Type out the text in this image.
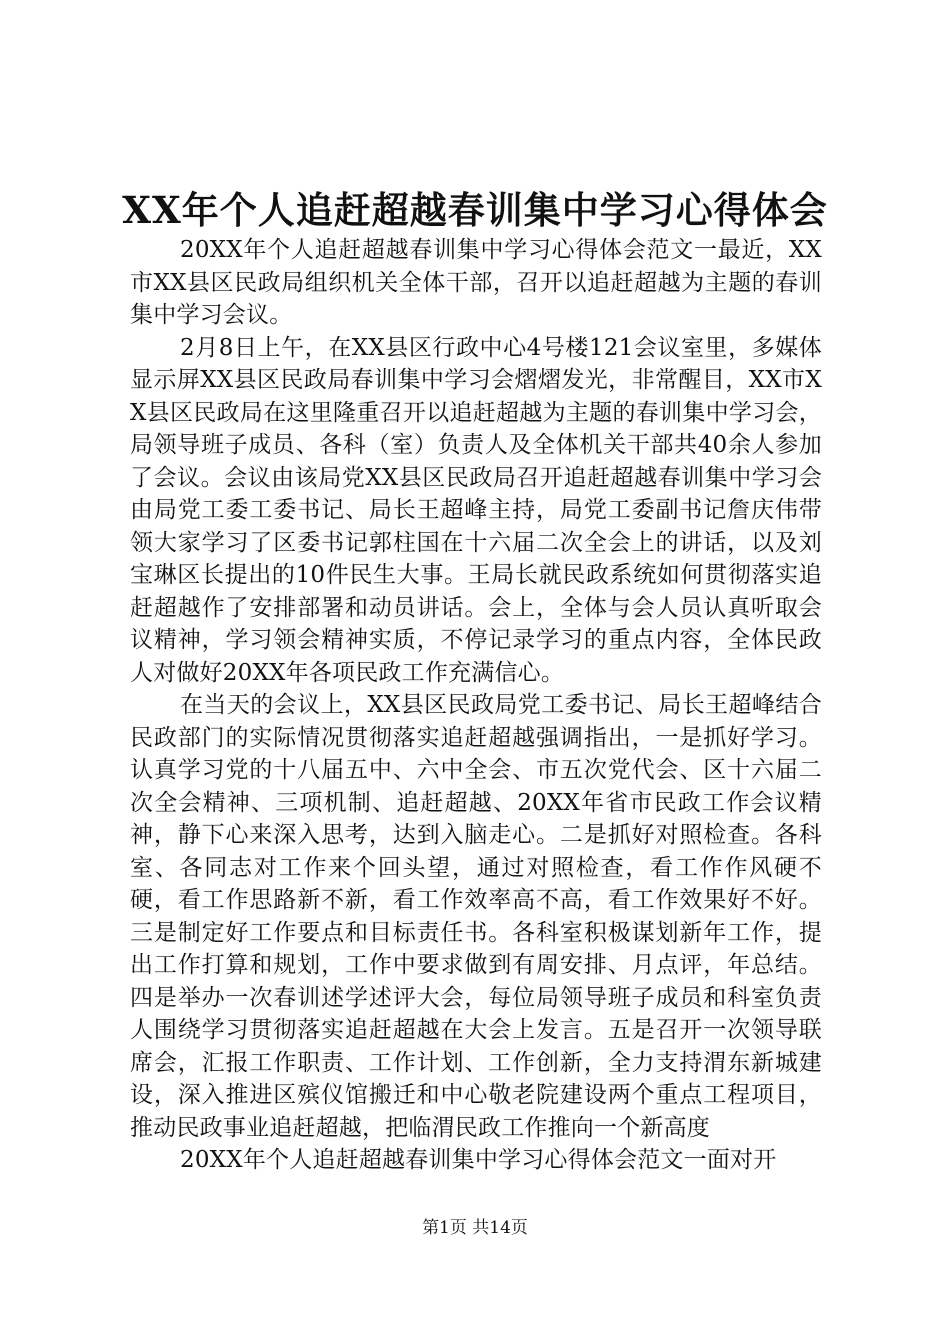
XX年个人追赶超越春训集中学习心得体会

20XX年个人追赶超越春训集中学习心得体会范文一最近，XX市XX县区民政局组织机关全体干部，召开以追赶超越为主题的春训集中学习会议。

2月8日上午，在XX县区行政中心4号楼121会议室里，多媒体显示屏XX县区民政局春训集中学习会熠熠发光，非常醒目，XX市XX县区民政局在这里隆重召开以追赶超越为主题的春训集中学习会，局领导班子成员、各科（室）负责人及全体机关干部共40余人参加了会议。会议由该局党XX县区民政局召开追赶超越春训集中学习会由局党工委工委书记、局长王超峰主持，局党工委副书记詹庆伟带领大家学习了区委书记郭柱国在十六届二次全会上的讲话，以及刘宝琳区长提出的10件民生大事。王局长就民政系统如何贯彻落实追赶超越作了安排部署和动员讲话。会上，全体与会人员认真听取会议精神，学习领会精神实质，不停记录学习的重点内容，全体民政人对做好20XX年各项民政工作充满信心。

在当天的会议上，XX县区民政局党工委书记、局长王超峰结合民政部门的实际情况贯彻落实追赶超越强调指出，一是抓好学习。认真学习党的十八届五中、六中全会、市五次党代会、区十六届二次全会精神、三项机制、追赶超越、20XX年省市民政工作会议精神，静下心来深入思考，达到入脑走心。二是抓好对照检查。各科室、各同志对工作来个回头望，通过对照检查，看工作作风硬不硬，看工作思路新不新，看工作效率高不高，看工作效果好不好。三是制定好工作要点和目标责任书。各科室积极谋划新年工作，提出工作打算和规划，工作中要求做到有周安排、月点评，年总结。四是举办一次春训述学述评大会，每位局领导班子成员和科室负责人围绕学习贯彻落实追赶超越在大会上发言。五是召开一次领导联席会，汇报工作职责、工作计划、工作创新，全力支持渭东新城建设，深入推进区殡仪馆搬迁和中心敬老院建设两个重点工程项目，推动民政事业追赶超越，把临渭民政工作推向一个新高度

20XX年个人追赶超越春训集中学习心得体会范文一面对开

第1页 共14页
